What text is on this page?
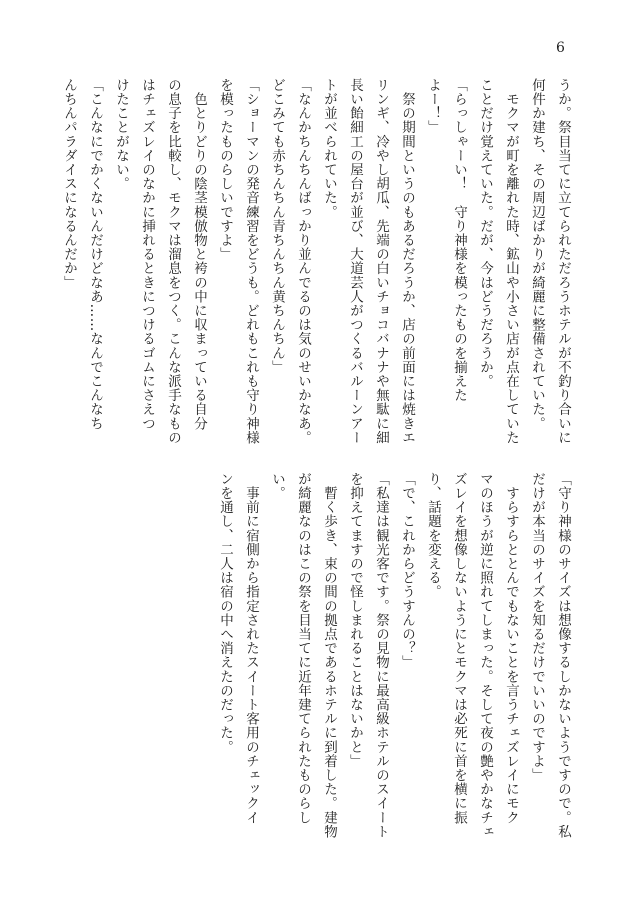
6
うか。祭目当てに立てられただろうホテルが不釣り合いに
何件か建ち、その周辺ばかりが綺麗に整備されていた。
　モクマが町を離れた時、鉱山や小さい店が点在していた
ことだけ覚えていた。だが、今はどうだろうか。
「らっしゃーい！　守り神様を模ったものを揃えた
よー！」
　祭の期間というのもあるだろうか、店の前面には焼きエ
リンギ、冷やし胡瓜、先端の白いチョコバナナや無駄に細
長い飴細工の屋台が並び、大道芸人がつくるバルーンアー
トが並べられていた。
「なんかちんちんばっかり並んでるのは気のせいかなあ。
どこみても赤ちんちん青ちんちん黄ちんちん」
「ショーマンの発音練習をどうも。どれもこれも守り神様
を模ったものらしいですよ」
　色とりどりの陰茎模倣物と袴の中に収まっている自分
の息子を比較し、モクマは溜息をつく。こんな派手なもの
はチェズレイのなかに挿れるときにつけるゴムにさえつ
けたことがない。
「こんなにでかくないんだけどなあ……なんでこんなち
んちんパラダイスになるんだか」
「守り神様のサイズは想像するしかないようですので。私
だけが本当のサイズを知るだけでいいのですよ」
　すらすらととんでもないことを言うチェズレイにモク
マのほうが逆に照れてしまった。そして夜の艶やかなチェ
ズレイを想像しないようにとモクマは必死に首を横に振
り、話題を変える。
「で、これからどうすんの？」
「私達は観光客です。祭の見物に最高級ホテルのスイート
を抑えてますので怪しまれることはないかと」
　暫く歩き、束の間の拠点であるホテルに到着した。建物
が綺麗なのはこの祭を目当てに近年建てられたものらし
い。
　事前に宿側から指定されたスイート客用のチェックイ
ンを通し、二人は宿の中へ消えたのだった。
